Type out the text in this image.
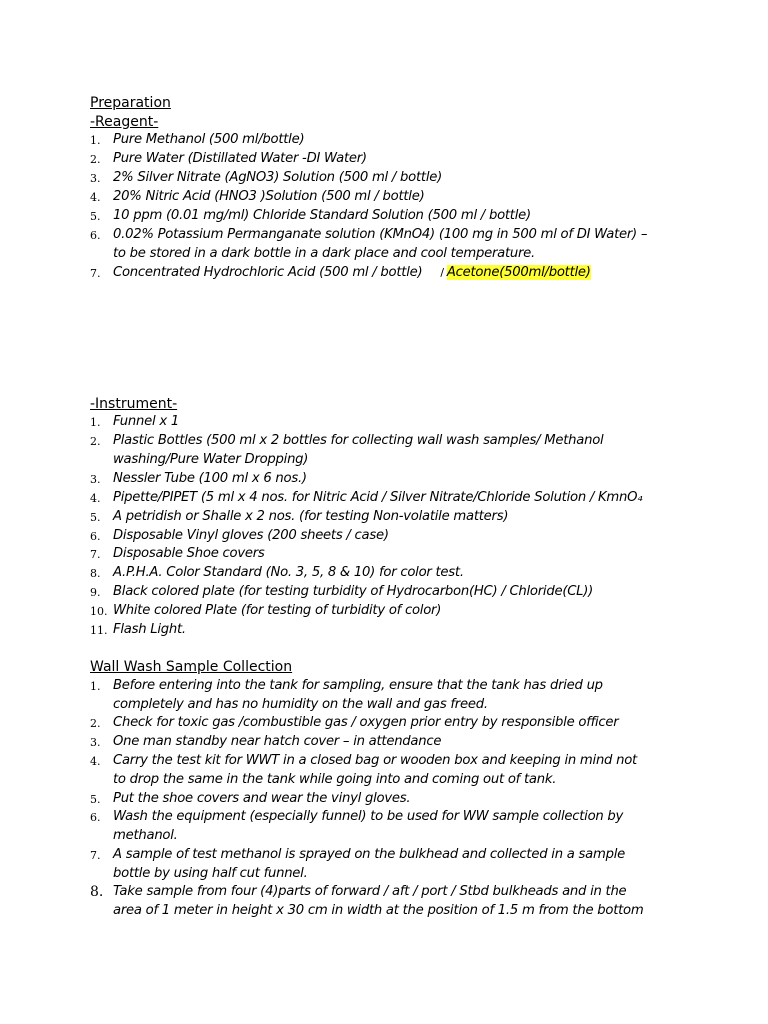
Preparation
-Reagent-
1. Pure Methanol (500 ml/bottle)
2. Pure Water (Distillated Water -DI Water)
3. 2% Silver Nitrate (AgNO3) Solution (500 ml / bottle)
4. 20% Nitric Acid (HNO3 )Solution (500 ml / bottle)
5. 10 ppm (0.01 mg/ml) Chloride Standard Solution (500 ml / bottle)
6. 0.02% Potassium Permanganate solution (KMnO4) (100 mg in 500 ml of DI Water) –
to be stored in a dark bottle in a dark place and cool temperature.
7. Concentrated Hydrochloric Acid (500 ml / bottle) / Acetone(500ml/bottle)
-Instrument-
1. Funnel x 1
2. Plastic Bottles (500 ml x 2 bottles for collecting wall wash samples/ Methanol
washing/Pure Water Dropping)
3. Nessler Tube (100 ml x 6 nos.)
4. Pipette/PIPET (5 ml x 4 nos. for Nitric Acid / Silver Nitrate/Chloride Solution / KmnO₄
5. A petridish or Shalle x 2 nos. (for testing Non-volatile matters)
6. Disposable Vinyl gloves (200 sheets / case)
7. Disposable Shoe covers
8. A.P.H.A. Color Standard (No. 3, 5, 8 & 10) for color test.
9. Black colored plate (for testing turbidity of Hydrocarbon(HC) / Chloride(CL))
10. White colored Plate (for testing of turbidity of color)
11. Flash Light.
Wall Wash Sample Collection
1. Before entering into the tank for sampling, ensure that the tank has dried up
completely and has no humidity on the wall and gas freed.
2. Check for toxic gas /combustible gas / oxygen prior entry by responsible officer
3. One man standby near hatch cover – in attendance
4. Carry the test kit for WWT in a closed bag or wooden box and keeping in mind not
to drop the same in the tank while going into and coming out of tank.
5. Put the shoe covers and wear the vinyl gloves.
6. Wash the equipment (especially funnel) to be used for WW sample collection by
methanol.
7. A sample of test methanol is sprayed on the bulkhead and collected in a sample
bottle by using half cut funnel.
8. Take sample from four (4)parts of forward / aft / port / Stbd bulkheads and in the
area of 1 meter in height x 30 cm in width at the position of 1.5 m from the bottom
